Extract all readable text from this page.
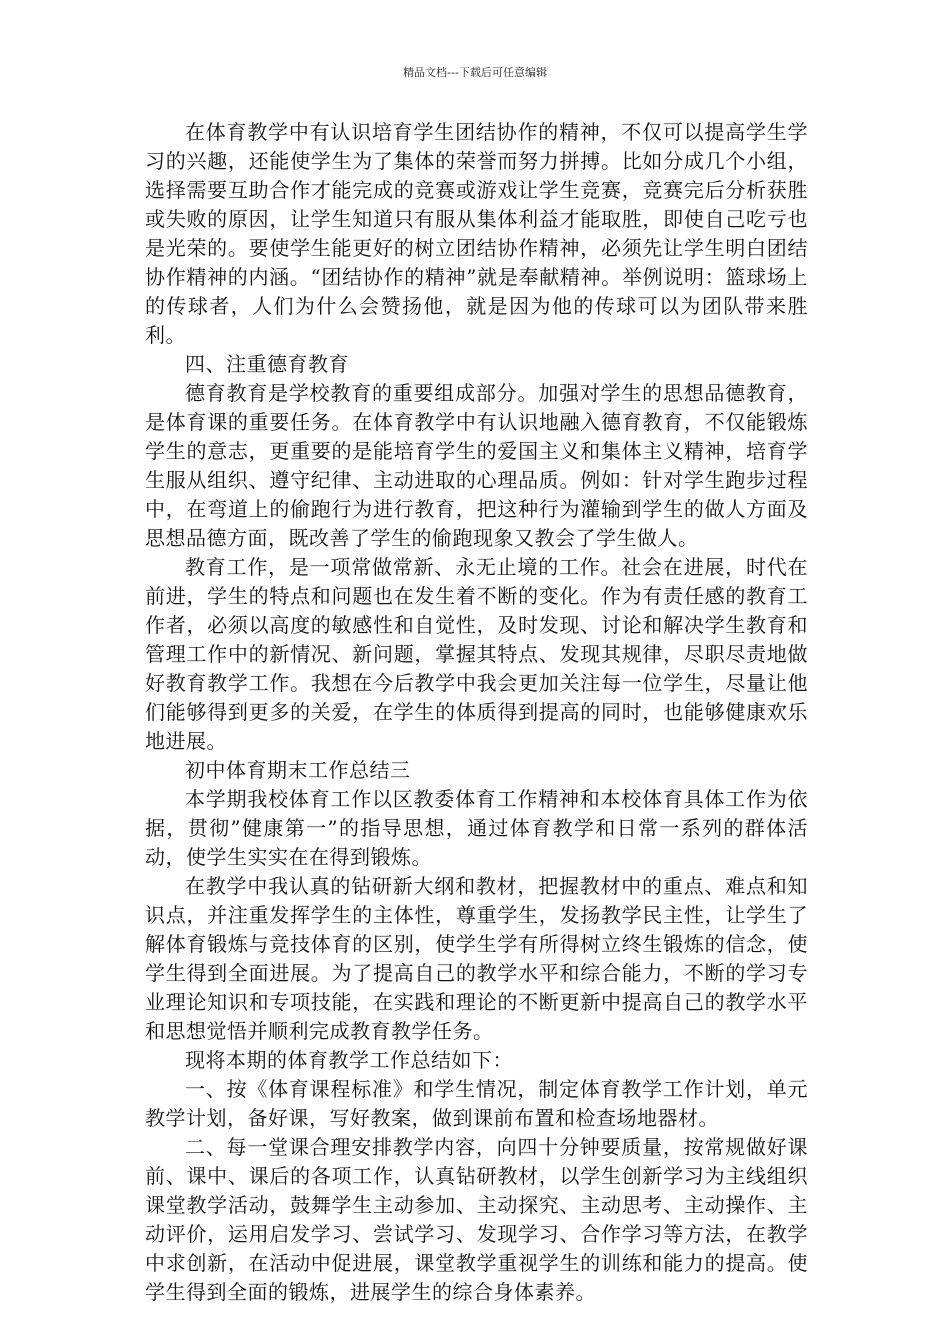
精品文档---下载后可任意编辑

在体育教学中有认识培育学生团结协作的精神，不仅可以提高学生学习的兴趣，还能使学生为了集体的荣誉而努力拼搏。比如分成几个小组，选择需要互助合作才能完成的竞赛或游戏让学生竞赛，竞赛完后分析获胜或失败的原因，让学生知道只有服从集体利益才能取胜，即使自己吃亏也是光荣的。要使学生能更好的树立团结协作精神，必须先让学生明白团结协作精神的内涵。“团结协作的精神”就是奉献精神。举例说明：篮球场上的传球者，人们为什么会赞扬他，就是因为他的传球可以为团队带来胜利。

四、注重德育教育

德育教育是学校教育的重要组成部分。加强对学生的思想品德教育，是体育课的重要任务。在体育教学中有认识地融入德育教育，不仅能锻炼学生的意志，更重要的是能培育学生的爱国主义和集体主义精神，培育学生服从组织、遵守纪律、主动进取的心理品质。例如：针对学生跑步过程中，在弯道上的偷跑行为进行教育，把这种行为灌输到学生的做人方面及思想品德方面，既改善了学生的偷跑现象又教会了学生做人。

教育工作，是一项常做常新、永无止境的工作。社会在进展，时代在前进，学生的特点和问题也在发生着不断的变化。作为有责任感的教育工作者，必须以高度的敏感性和自觉性，及时发现、讨论和解决学生教育和管理工作中的新情况、新问题，掌握其特点、发现其规律，尽职尽责地做好教育教学工作。我想在今后教学中我会更加关注每一位学生，尽量让他们能够得到更多的关爱，在学生的体质得到提高的同时，也能够健康欢乐地进展。

初中体育期末工作总结三

本学期我校体育工作以区教委体育工作精神和本校体育具体工作为依据，贯彻”健康第一”的指导思想，通过体育教学和日常一系列的群体活动，使学生实实在在得到锻炼。

在教学中我认真的钻研新大纲和教材，把握教材中的重点、难点和知识点，并注重发挥学生的主体性，尊重学生，发扬教学民主性，让学生了解体育锻炼与竞技体育的区别，使学生学有所得树立终生锻炼的信念，使学生得到全面进展。为了提高自己的教学水平和综合能力，不断的学习专业理论知识和专项技能，在实践和理论的不断更新中提高自己的教学水平和思想觉悟并顺利完成教育教学任务。

现将本期的体育教学工作总结如下：

一、按《体育课程标准》和学生情况，制定体育教学工作计划，单元教学计划，备好课，写好教案，做到课前布置和检查场地器材。

二、每一堂课合理安排教学内容，向四十分钟要质量，按常规做好课前、课中、课后的各项工作，认真钻研教材，以学生创新学习为主线组织课堂教学活动，鼓舞学生主动参加、主动探究、主动思考、主动操作、主动评价，运用启发学习、尝试学习、发现学习、合作学习等方法，在教学中求创新，在活动中促进展，课堂教学重视学生的训练和能力的提高。使学生得到全面的锻炼，进展学生的综合身体素养。
